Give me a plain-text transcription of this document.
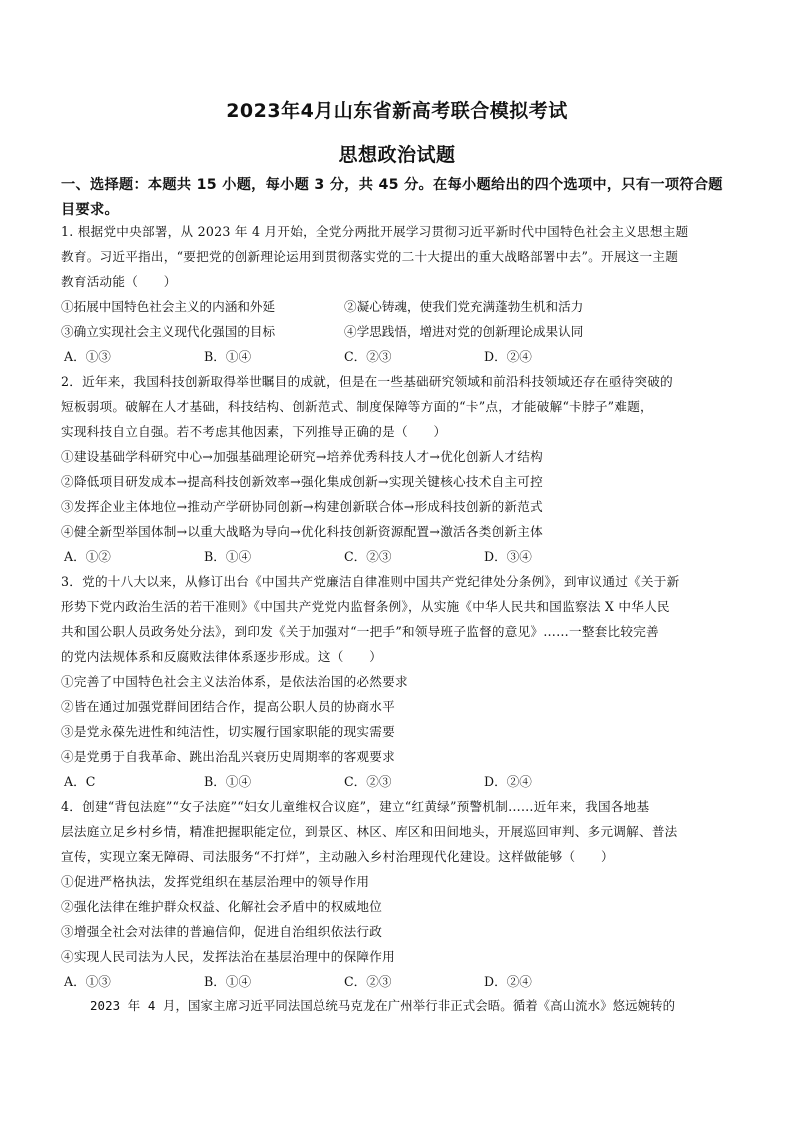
2023年4月山东省新高考联合模拟考试
思想政治试题
一、选择题：本题共 15 小题，每小题 3 分，共 45 分。在每小题给出的四个选项中，只有一项符合题目要求。
1. 根据党中央部署，从 2023 年 4 月开始，全党分两批开展学习贯彻习近平新时代中国特色社会主义思想主题
教育。习近平指出，“要把党的创新理论运用到贯彻落实党的二十大提出的重大战略部署中去”。开展这一主题
教育活动能（　　）
①拓展中国特色社会主义的内涵和外延	②凝心铸魂，使我们党充满蓬勃生机和活力
③确立实现社会主义现代化强国的目标	④学思践悟，增进对党的创新理论成果认同
A．①③	B．①④	C．②③	D．②④
2．近年来，我国科技创新取得举世瞩目的成就，但是在一些基础研究领域和前沿科技领域还存在亟待突破的
短板弱项。破解在人才基础，科技结构、创新范式、制度保障等方面的“卡”点，才能破解“卡脖子”难题，
实现科技自立自强。若不考虑其他因素，下列推导正确的是（　　）
①建设基础学科研究中心→加强基础理论研究→培养优秀科技人才→优化创新人才结构
②降低项目研发成本→提高科技创新效率→强化集成创新→实现关键核心技术自主可控
③发挥企业主体地位→推动产学研协同创新→构建创新联合体→形成科技创新的新范式
④健全新型举国体制→以重大战略为导向→优化科技创新资源配置→激活各类创新主体
A．①②	B．①④	C．②③	D．③④
3．党的十八大以来，从修订出台《中国共产党廉洁自律准则中国共产党纪律处分条例》，到审议通过《关于新
形势下党内政治生活的若干准则》《中国共产党党内监督条例》，从实施《中华人民共和国监察法 X 中华人民
共和国公职人员政务处分法》，到印发《关于加强对“一把手”和领导班子监督的意见》……一整套比较完善
的党内法规体系和反腐败法律体系逐步形成。这（　　）
①完善了中国特色社会主义法治体系，是依法治国的必然要求
②皆在通过加强党群间团结合作，提高公职人员的协商水平
③是党永葆先进性和纯洁性，切实履行国家职能的现实需要
④是党勇于自我革命、跳出治乱兴衰历史周期率的客观要求
A．C	B．①④	C．②③	D．②④
4．创建“背包法庭”“女子法庭”“妇女儿童维权合议庭”，建立“红黄绿”预警机制……近年来，我国各地基
层法庭立足乡村乡情，精准把握职能定位，到景区、林区、库区和田间地头，开展巡回审判、多元调解、普法
宣传，实现立案无障碍、司法服务“不打烊”，主动融入乡村治理现代化建设。这样做能够（　　）
①促进严格执法，发挥党组织在基层治理中的领导作用
②强化法律在维护群众权益、化解社会矛盾中的权威地位
③增强全社会对法律的普遍信仰，促进自治组织依法行政
④实现人民司法为人民，发挥法治在基层治理中的保障作用
A．①③	B．①④	C．②③	D．②④
2023 年 4 月，国家主席习近平同法国总统马克龙在广州举行非正式会晤。循着《高山流水》悠远婉转的
